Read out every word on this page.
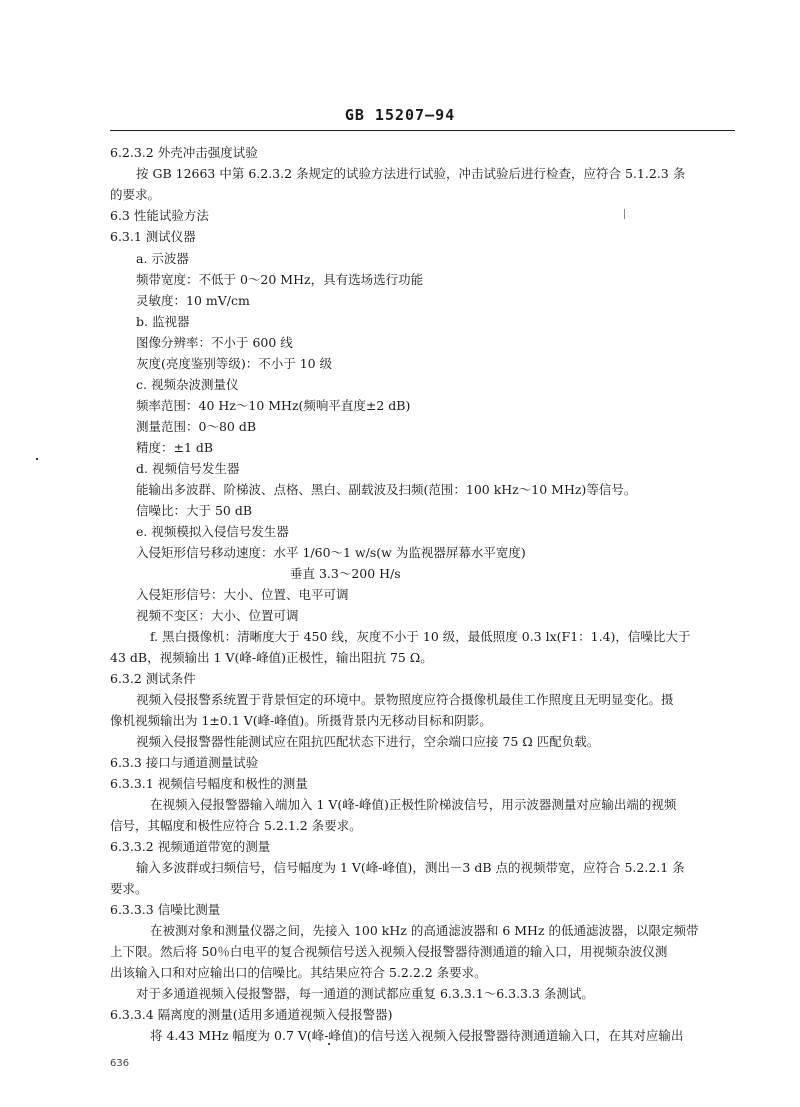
GB 15207—94
6.2.3.2 外壳冲击强度试验
按 GB 12663 中第 6.2.3.2 条规定的试验方法进行试验，冲击试验后进行检查，应符合 5.1.2.3 条
的要求。
6.3 性能试验方法
6.3.1 测试仪器
a. 示波器
频带宽度：不低于 0～20 MHz，具有选场选行功能
灵敏度：10 mV/cm
b. 监视器
图像分辨率：不小于 600 线
灰度(亮度鉴别等级)：不小于 10 级
c. 视频杂波测量仪
频率范围：40 Hz～10 MHz(频响平直度±2 dB)
测量范围：0～80 dB
精度：±1 dB
d. 视频信号发生器
能输出多波群、阶梯波、点格、黑白、副载波及扫频(范围：100 kHz～10 MHz)等信号。
信噪比：大于 50 dB
e. 视频模拟入侵信号发生器
入侵矩形信号移动速度：水平 1/60～1 w/s(w 为监视器屏幕水平宽度)
垂直 3.3～200 H/s
入侵矩形信号：大小、位置、电平可调
视频不变区：大小、位置可调
f. 黑白摄像机：清晰度大于 450 线，灰度不小于 10 级，最低照度 0.3 lx(F1：1.4)，信噪比大于
43 dB，视频输出 1 V(峰-峰值)正极性，输出阻抗 75 Ω。
6.3.2 测试条件
视频入侵报警系统置于背景恒定的环境中。景物照度应符合摄像机最佳工作照度且无明显变化。摄
像机视频输出为 1±0.1 V(峰-峰值)。所摄背景内无移动目标和阴影。
视频入侵报警器性能测试应在阻抗匹配状态下进行，空余端口应接 75 Ω 匹配负载。
6.3.3 接口与通道测量试验
6.3.3.1 视频信号幅度和极性的测量
在视频入侵报警器输入端加入 1 V(峰-峰值)正极性阶梯波信号，用示波器测量对应输出端的视频
信号，其幅度和极性应符合 5.2.1.2 条要求。
6.3.3.2 视频通道带宽的测量
输入多波群或扫频信号，信号幅度为 1 V(峰-峰值)，测出－3 dB 点的视频带宽，应符合 5.2.2.1 条
要求。
6.3.3.3 信噪比测量
在被测对象和测量仪器之间，先接入 100 kHz 的高通滤波器和 6 MHz 的低通滤波器，以限定频带
上下限。然后将 50％白电平的复合视频信号送入视频入侵报警器待测通道的输入口，用视频杂波仪测
出该输入口和对应输出口的信噪比。其结果应符合 5.2.2.2 条要求。
对于多通道视频入侵报警器，每一通道的测试都应重复 6.3.3.1～6.3.3.3 条测试。
6.3.3.4 隔离度的测量(适用多通道视频入侵报警器)
将 4.43 MHz 幅度为 0.7 V(峰-峰值)的信号送入视频入侵报警器待测通道输入口，在其对应输出
636
